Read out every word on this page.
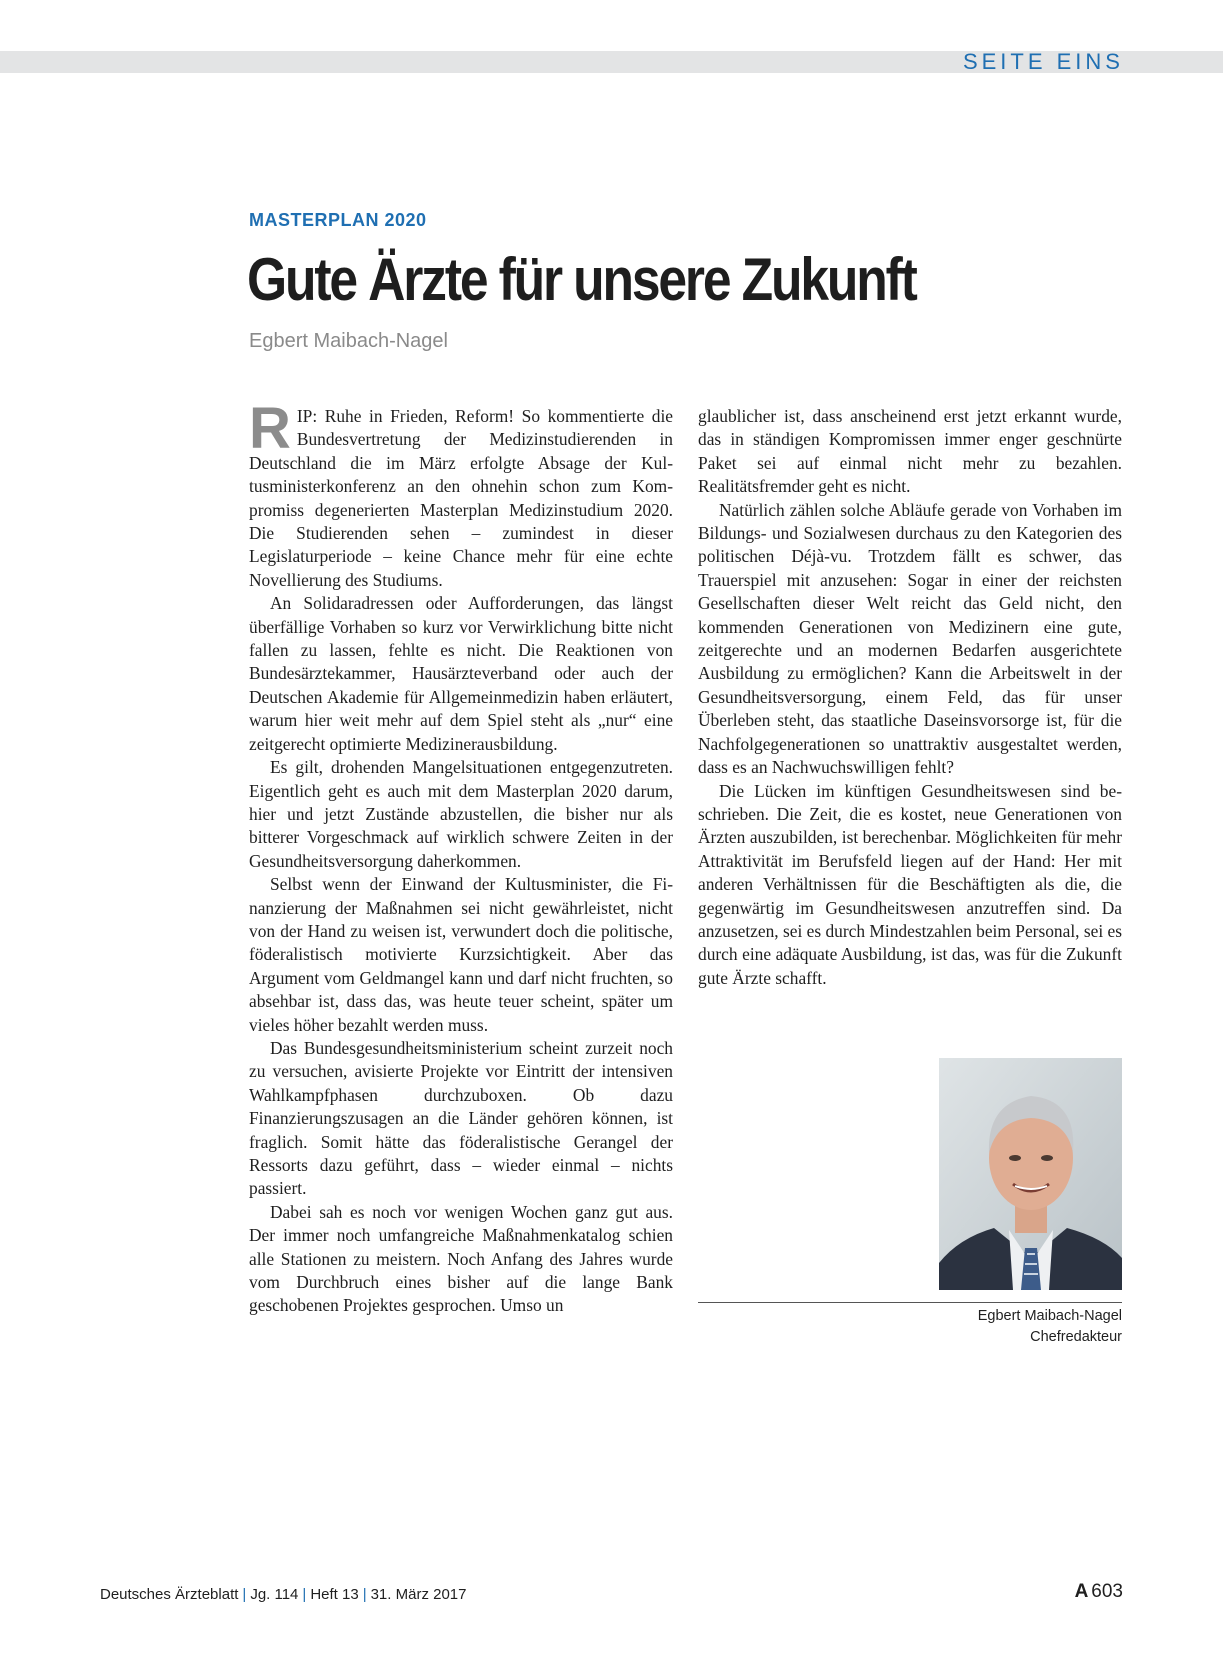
SEITE EINS
MASTERPLAN 2020
Gute Ärzte für unsere Zukunft
Egbert Maibach-Nagel

RIP: Ruhe in Frieden, Reform! So kommentierte die Bundesvertretung der Medizinstudierenden in Deutschland die im März erfolgte Absage der Kultusministerkonferenz an den ohnehin schon zum Kompromiss degenerierten Masterplan Medizinstudium 2020. Die Studierenden sehen – zumindest in dieser Legislaturperiode – keine Chance mehr für eine echte Novellierung des Studiums.

An Solidaradressen oder Aufforderungen, das längst überfällige Vorhaben so kurz vor Verwirklichung bitte nicht fallen zu lassen, fehlte es nicht. Die Reaktionen von Bundesärztekammer, Hausärzteverband oder auch der Deutschen Akademie für Allgemeinmedizin haben erläutert, warum hier weit mehr auf dem Spiel steht als „nur“ eine zeitgerecht optimierte Medizinerausbildung.

Es gilt, drohenden Mangelsituationen entgegenzutreten. Eigentlich geht es auch mit dem Masterplan 2020 darum, hier und jetzt Zustände abzustellen, die bisher nur als bitterer Vorgeschmack auf wirklich schwere Zeiten in der Gesundheitsversorgung daherkommen.

Selbst wenn der Einwand der Kultusminister, die Finanzierung der Maßnahmen sei nicht gewährleistet, nicht von der Hand zu weisen ist, verwundert doch die politische, föderalistisch motivierte Kurzsichtigkeit. Aber das Argument vom Geldmangel kann und darf nicht fruchten, so absehbar ist, dass das, was heute teuer scheint, später um vieles höher bezahlt werden muss.

Das Bundesgesundheitsministerium scheint zurzeit noch zu versuchen, avisierte Projekte vor Eintritt der intensiven Wahlkampfphasen durchzuboxen. Ob dazu Finanzierungszusagen an die Länder gehören können, ist fraglich. Somit hätte das föderalistische Gerangel der Ressorts dazu geführt, dass – wieder einmal – nichts passiert.

Dabei sah es noch vor wenigen Wochen ganz gut aus. Der immer noch umfangreiche Maßnahmenkatalog schien alle Stationen zu meistern. Noch Anfang des Jahres wurde vom Durchbruch eines bisher auf die lange Bank geschobenen Projektes gesprochen. Umso un

glaublicher ist, dass anscheinend erst jetzt erkannt wurde, das in ständigen Kompromissen immer enger geschnürte Paket sei auf einmal nicht mehr zu bezahlen. Realitätsfremder geht es nicht.

Natürlich zählen solche Abläufe gerade von Vorhaben im Bildungs- und Sozialwesen durchaus zu den Kategorien des politischen Déjà-vu. Trotzdem fällt es schwer, das Trauerspiel mit anzusehen: Sogar in einer der reichsten Gesellschaften dieser Welt reicht das Geld nicht, den kommenden Generationen von Medizinern eine gute, zeitgerechte und an modernen Bedarfen ausgerichtete Ausbildung zu ermöglichen? Kann die Arbeitswelt in der Gesundheitsversorgung, einem Feld, das für unser Überleben steht, das staatliche Daseinsvorsorge ist, für die Nachfolgegenerationen so unattraktiv ausgestaltet werden, dass es an Nachwuchswilligen fehlt?

Die Lücken im künftigen Gesundheitswesen sind beschrieben. Die Zeit, die es kostet, neue Generationen von Ärzten auszubilden, ist berechenbar. Möglichkeiten für mehr Attraktivität im Berufsfeld liegen auf der Hand: Her mit anderen Verhältnissen für die Beschäftigten als die, die gegenwärtig im Gesundheitswesen anzutreffen sind. Da anzusetzen, sei es durch Mindestzahlen beim Personal, sei es durch eine adäquate Ausbildung, ist das, was für die Zukunft gute Ärzte schafft.

Egbert Maibach-Nagel
Chefredakteur
Deutsches Ärzteblatt | Jg. 114 | Heft 13 | 31. März 2017	A 603
